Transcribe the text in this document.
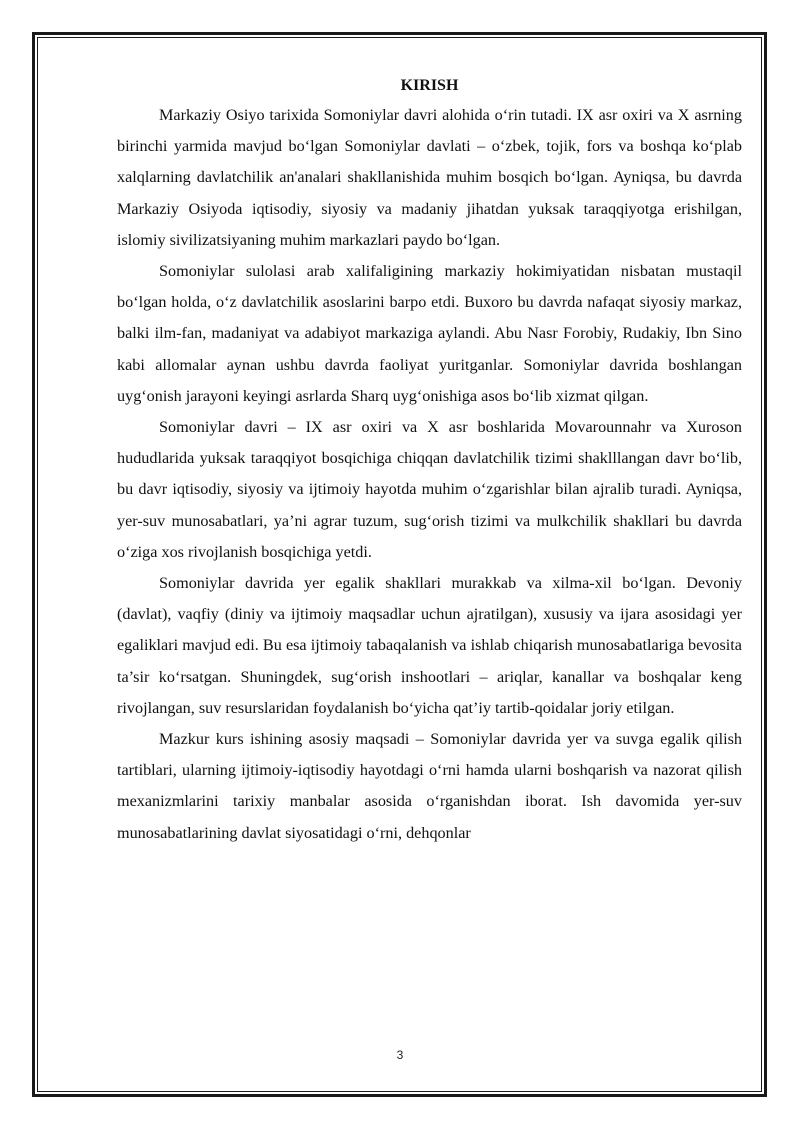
KIRISH

Markaziy Osiyo tarixida Somoniylar davri alohida o‘rin tutadi. IX asr oxiri va X asrning birinchi yarmida mavjud bo‘lgan Somoniylar davlati – o‘zbek, tojik, fors va boshqa ko‘plab xalqlarning davlatchilik an'analari shakllanishida muhim bosqich bo‘lgan. Ayniqsa, bu davrda Markaziy Osiyoda iqtisodiy, siyosiy va madaniy jihatdan yuksak taraqqiyotga erishilgan, islomiy sivilizatsiyaning muhim markazlari paydo bo‘lgan.

Somoniylar sulolasi arab xalifaligining markaziy hokimiyatidan nisbatan mustaqil bo‘lgan holda, o‘z davlatchilik asoslarini barpo etdi. Buxoro bu davrda nafaqat siyosiy markaz, balki ilm-fan, madaniyat va adabiyot markaziga aylandi. Abu Nasr Forobiy, Rudakiy, Ibn Sino kabi allomalar aynan ushbu davrda faoliyat yuritganlar. Somoniylar davrida boshlangan uyg‘onish jarayoni keyingi asrlarda Sharq uyg‘onishiga asos bo‘lib xizmat qilgan.

Somoniylar davri – IX asr oxiri va X asr boshlarida Movarounnahr va Xuroson hududlarida yuksak taraqqiyot bosqichiga chiqqan davlatchilik tizimi shaklllangan davr bo‘lib, bu davr iqtisodiy, siyosiy va ijtimoiy hayotda muhim o‘zgarishlar bilan ajralib turadi. Ayniqsa, yer-suv munosabatlari, ya’ni agrar tuzum, sug‘orish tizimi va mulkchilik shakllari bu davrda o‘ziga xos rivojlanish bosqichiga yetdi.

Somoniylar davrida yer egalik shakllari murakkab va xilma-xil bo‘lgan. Devoniy (davlat), vaqfiy (diniy va ijtimoiy maqsadlar uchun ajratilgan), xususiy va ijara asosidagi yer egaliklari mavjud edi. Bu esa ijtimoiy tabaqalanish va ishlab chiqarish munosabatlariga bevosita ta’sir ko‘rsatgan. Shuningdek, sug‘orish inshootlari – ariqlar, kanallar va boshqalar keng rivojlangan, suv resurslaridan foydalanish bo‘yicha qat’iy tartib-qoidalar joriy etilgan.

Mazkur kurs ishining asosiy maqsadi – Somoniylar davrida yer va suvga egalik qilish tartiblari, ularning ijtimoiy-iqtisodiy hayotdagi o‘rni hamda ularni boshqarish va nazorat qilish mexanizmlarini tarixiy manbalar asosida o‘rganishdan iborat. Ish davomida yer-suv munosabatlarining davlat siyosatidagi o‘rni, dehqonlar

3
